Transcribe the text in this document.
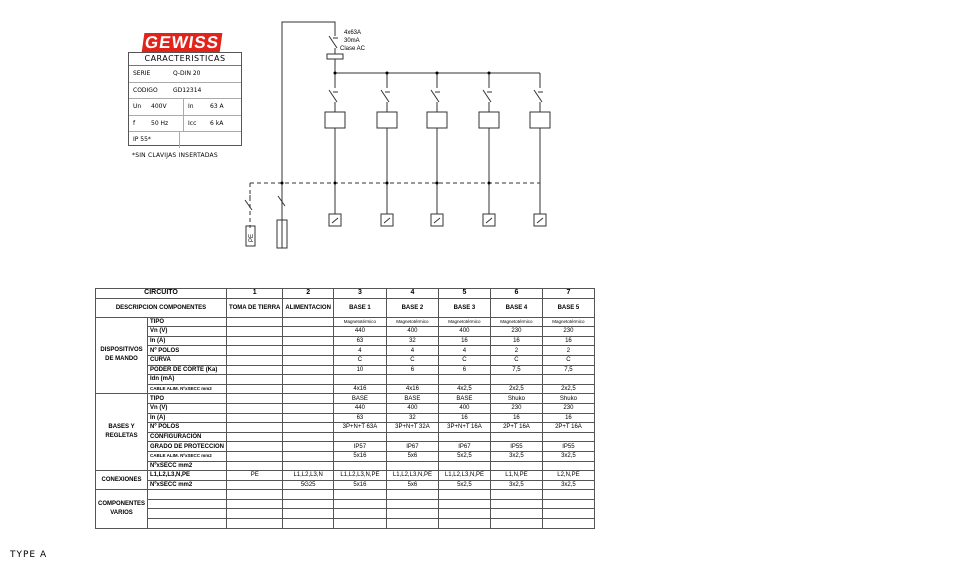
GEWISS
CARACTERISTICAS
SERIE	Q-DIN 20
CODIGO	GD12314
Un	400V	In	63 A
f	50 Hz	Icc	6 kA
IP 55*

*SIN CLAVIJAS INSERTADAS
4x63A
30mA
Clase AC
PE
CIRCUITO		1	2	3	4	5	6	7
DESCRIPCION COMPONENTES		TOMA DE TIERRA	ALIMENTACION	BASE 1	BASE 2	BASE 3	BASE 4	BASE 5
DISPOSITIVOS DE MANDO	TIPO			Magnetotérmico	Magnetotérmico	Magnetotérmico	Magnetotérmico	Magnetotérmico
	Vn (V)			440	400	400	230	230
	In (A)			63	32	16	16	16
	Nº POLOS			4	4	4	2	2
	CURVA			C	C	C	C	C
	PODER DE CORTE (Ka)			10	6	6	7,5	7,5
	Idn (mA)							
	CABLE ALIM. NºxSECC mm2			4x16	4x16	4x2,5	2x2,5	2x2,5
BASES Y REGLETAS	TIPO			BASE	BASE	BASE	Shuko	Shuko
	Vn (V)			440	400	400	230	230
	In (A)			63	32	16	16	16
	Nº POLOS			3P+N+T 63A	3P+N+T 32A	3P+N+T 16A	2P+T 16A	2P+T 16A
	CONFIGURACIÓN							
	GRADO DE PROTECCION			IP57	IP67	IP67	IP55	IP55
	CABLE ALIM. NºxSECC mm2			5x16	5x6	5x2,5	3x2,5	3x2,5
	NºxSECC mm2							
CONEXIONES	L1,L2,L3,N,PE	PE	L1,L2,L3,N	L1,L2,L3,N,PE	L1,L2,L3,N,PE	L1,L2,L3,N,PE	L1,N,PE	L2,N,PE
	NºxSECC mm2		5G25	5x16	5x6	5x2,5	3x2,5	3x2,5
COMPONENTES VARIOS								

TYPE A
